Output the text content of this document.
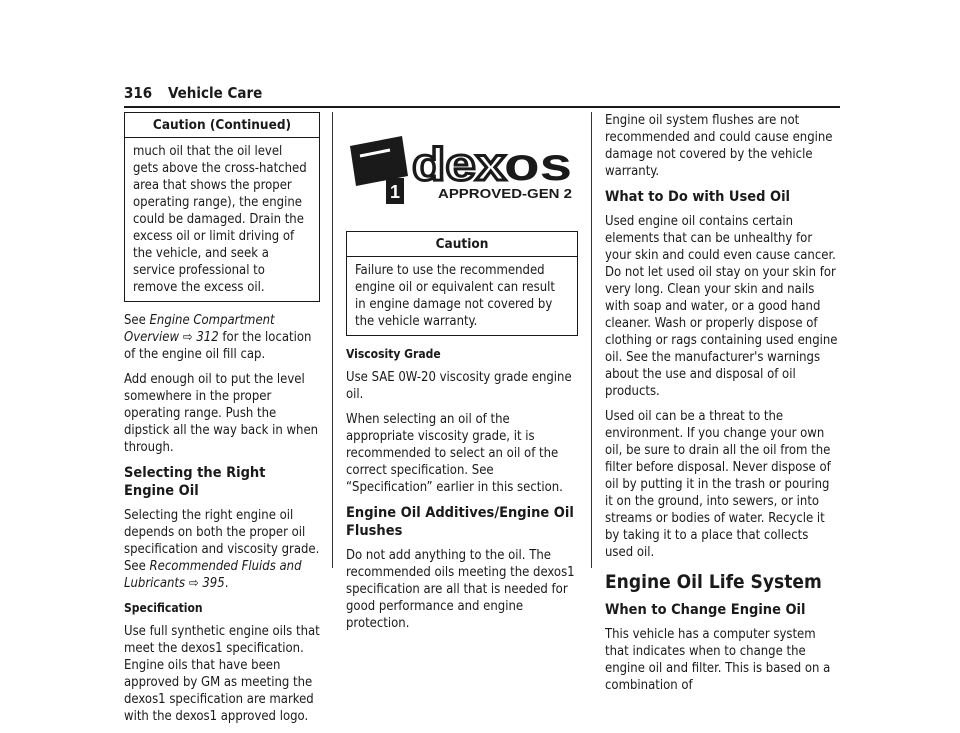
316 Vehicle Care
Caution (Continued)
much oil that the oil level gets above the cross-hatched area that shows the proper operating range), the engine could be damaged. Drain the excess oil or limit driving of the vehicle, and seek a service professional to remove the excess oil.

See Engine Compartment Overview ⇨ 312 for the location of the engine oil fill cap.

Add enough oil to put the level somewhere in the proper operating range. Push the dipstick all the way back in when through.

Selecting the Right Engine Oil

Selecting the right engine oil depends on both the proper oil specification and viscosity grade. See Recommended Fluids and Lubricants ⇨ 395.

Specification

Use full synthetic engine oils that meet the dexos1 specification. Engine oils that have been approved by GM as meeting the dexos1 specification are marked with the dexos1 approved logo.

1
dex
os
APPROVED-GEN 2
Caution
Failure to use the recommended engine oil or equivalent can result in engine damage not covered by the vehicle warranty.
Viscosity Grade

Use SAE 0W-20 viscosity grade engine oil.

When selecting an oil of the appropriate viscosity grade, it is recommended to select an oil of the correct specification. See “Specification” earlier in this section.

Engine Oil Additives/Engine Oil Flushes

Do not add anything to the oil. The recommended oils meeting the dexos1 specification are all that is needed for good performance and engine protection.

Engine oil system flushes are not recommended and could cause engine damage not covered by the vehicle warranty.

What to Do with Used Oil

Used engine oil contains certain elements that can be unhealthy for your skin and could even cause cancer. Do not let used oil stay on your skin for very long. Clean your skin and nails with soap and water, or a good hand cleaner. Wash or properly dispose of clothing or rags containing used engine oil. See the manufacturer's warnings about the use and disposal of oil products.

Used oil can be a threat to the environment. If you change your own oil, be sure to drain all the oil from the filter before disposal. Never dispose of oil by putting it in the trash or pouring it on the ground, into sewers, or into streams or bodies of water. Recycle it by taking it to a place that collects used oil.

Engine Oil Life System
When to Change Engine Oil

This vehicle has a computer system that indicates when to change the engine oil and filter. This is based on a combination of
